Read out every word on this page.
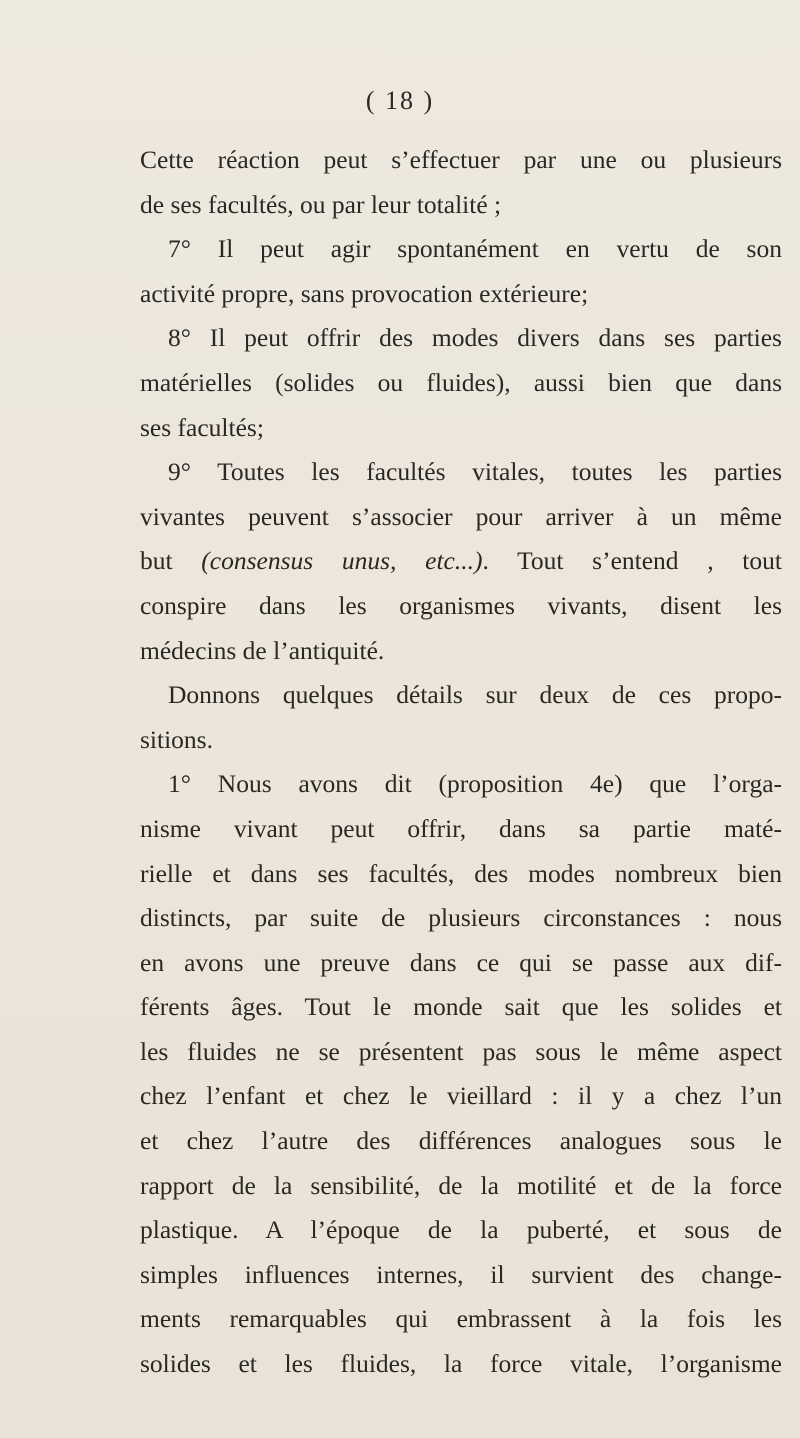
( 18 )
Cette réaction peut s’effectuer par une ou plusieurs
de ses facultés, ou par leur totalité ;
7° Il peut agir spontanément en vertu de son
activité propre, sans provocation extérieure;
8° Il peut offrir des modes divers dans ses parties
matérielles (solides ou fluides), aussi bien que dans
ses facultés;
9° Toutes les facultés vitales, toutes les parties
vivantes peuvent s’associer pour arriver à un même
but (consensus unus, etc...). Tout s’entend , tout
conspire dans les organismes vivants, disent les
médecins de l’antiquité.
Donnons quelques détails sur deux de ces propo-
sitions.
1° Nous avons dit (proposition 4e) que l’orga-
nisme vivant peut offrir, dans sa partie maté-
rielle et dans ses facultés, des modes nombreux bien
distincts, par suite de plusieurs circonstances : nous
en avons une preuve dans ce qui se passe aux dif-
férents âges. Tout le monde sait que les solides et
les fluides ne se présentent pas sous le même aspect
chez l’enfant et chez le vieillard : il y a chez l’un
et chez l’autre des différences analogues sous le
rapport de la sensibilité, de la motilité et de la force
plastique. A l’époque de la puberté, et sous de
simples influences internes, il survient des change-
ments remarquables qui embrassent à la fois les
solides et les fluides, la force vitale, l’organisme
